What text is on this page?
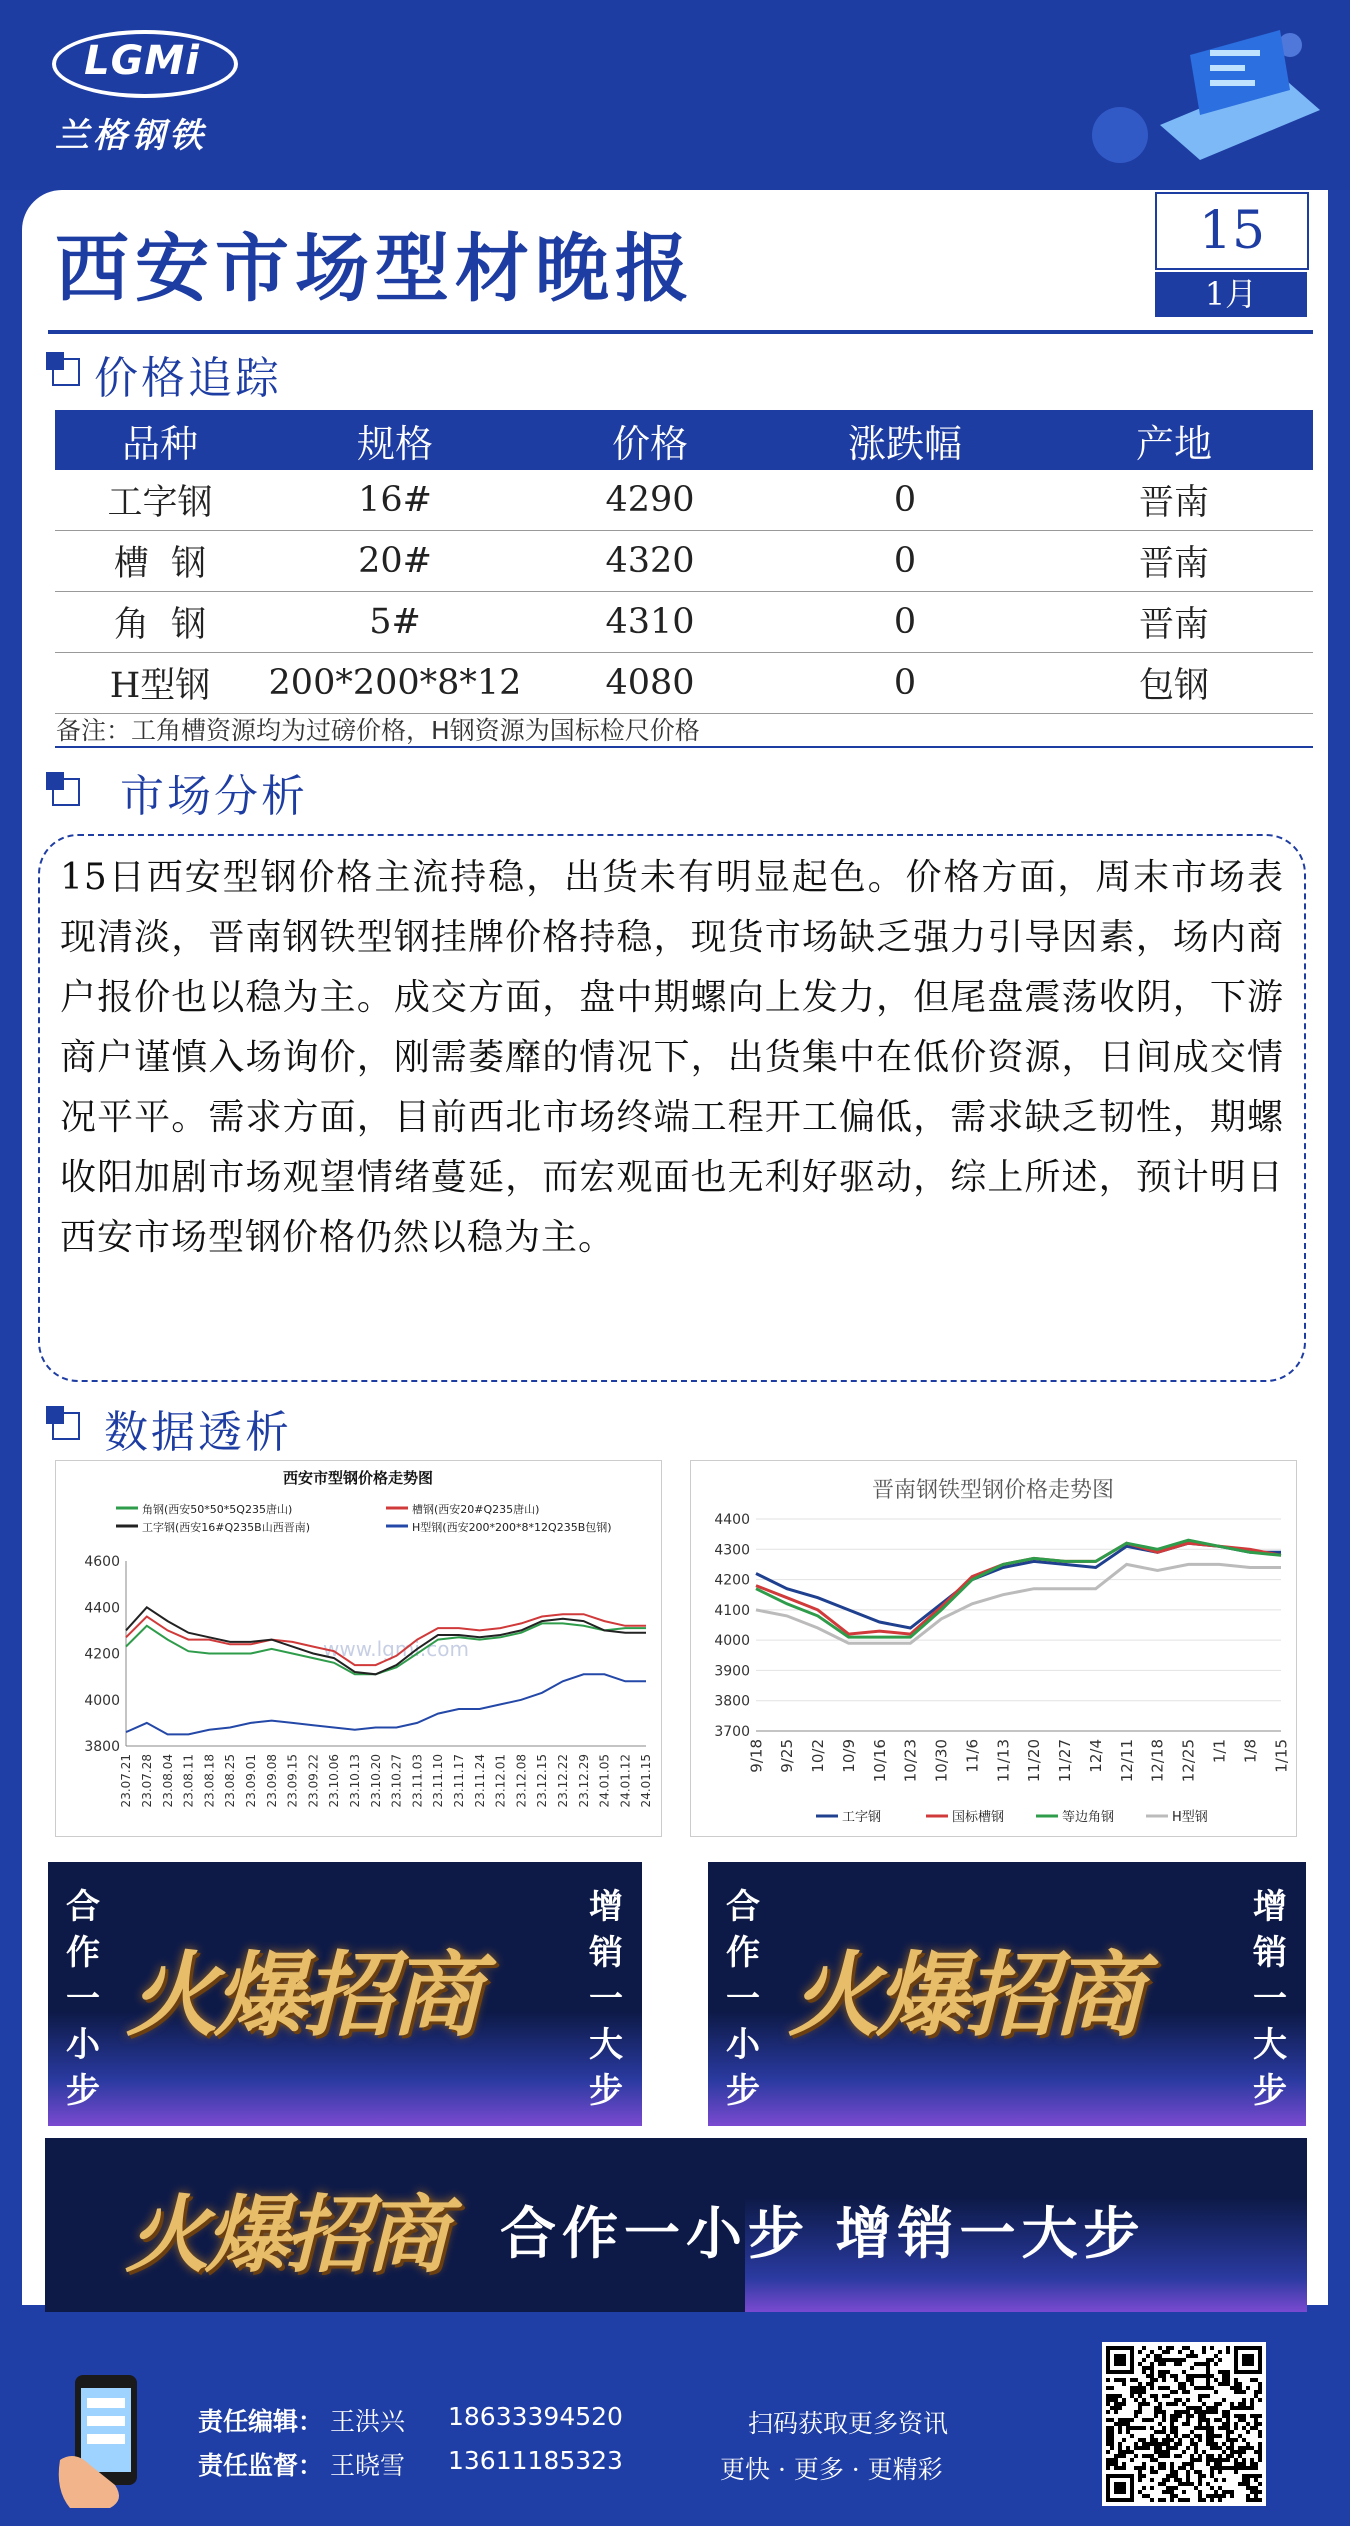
LGMi
兰格钢铁
西安市场型材晚报	15
1月
价格追踪
品种	规格	价格	涨跌幅	产地
工字钢	16#	4290	0	晋南
槽  钢	20#	4320	0	晋南
角  钢	5#	4310	0	晋南
H型钢	200*200*8*12	4080	0	包钢
备注：工角槽资源均为过磅价格，H钢资源为国标检尺价格
市场分析

15日西安型钢价格主流持稳，出货未有明显起色。价格方面，周末市场表现清淡，晋南钢铁型钢挂牌价格持稳，现货市场缺乏强力引导因素，场内商户报价也以稳为主。成交方面，盘中期螺向上发力，但尾盘震荡收阴，下游商户谨慎入场询价，刚需萎靡的情况下，出货集中在低价资源，日间成交情况平平。需求方面，目前西北市场终端工程开工偏低，需求缺乏韧性，期螺收阳加剧市场观望情绪蔓延，而宏观面也无利好驱动，综上所述，预计明日西安市场型钢价格仍然以稳为主。

数据透析
西安市型钢价格走势图
www.lgmi.com
3800
4000
4200
4400
4600
23.07.21 23.07.28 23.08.04 23.08.11 23.08.18 23.08.25 23.09.01 23.09.08 23.09.15 23.09.22 23.10.06 23.10.13 23.10.20 23.10.27 23.11.03 23.11.10 23.11.17 23.11.24 23.12.01 23.12.08 23.12.15 23.12.22 23.12.29 24.01.05 24.01.12 24.01.15
角钢(西安50*50*5Q235唐山)	槽钢(西安20#Q235唐山)
工字钢(西安16#Q235B山西晋南)	H型钢(西安200*200*8*12Q235B包钢)
晋南钢铁型钢价格走势图
3700
3800
3900
4000
4100
4200
4300
4400
9/18 9/25 10/2 10/9 10/16 10/23 10/30 11/6 11/13 11/20 11/27 12/4 12/11 12/18 12/25 1/1 1/8 1/15
工字钢	国标槽钢	等边角钢	H型钢
合
作
一
小
步
增
销
一
大
步
火爆招商
合
作
一
小
步
增
销
一
大
步
火爆招商
火爆招商 合作一小步 增销一大步
责任编辑： 王洪兴 18633394520
责任监督： 王晓雪 13611185323
扫码获取更多资讯
更快 · 更多 · 更精彩
